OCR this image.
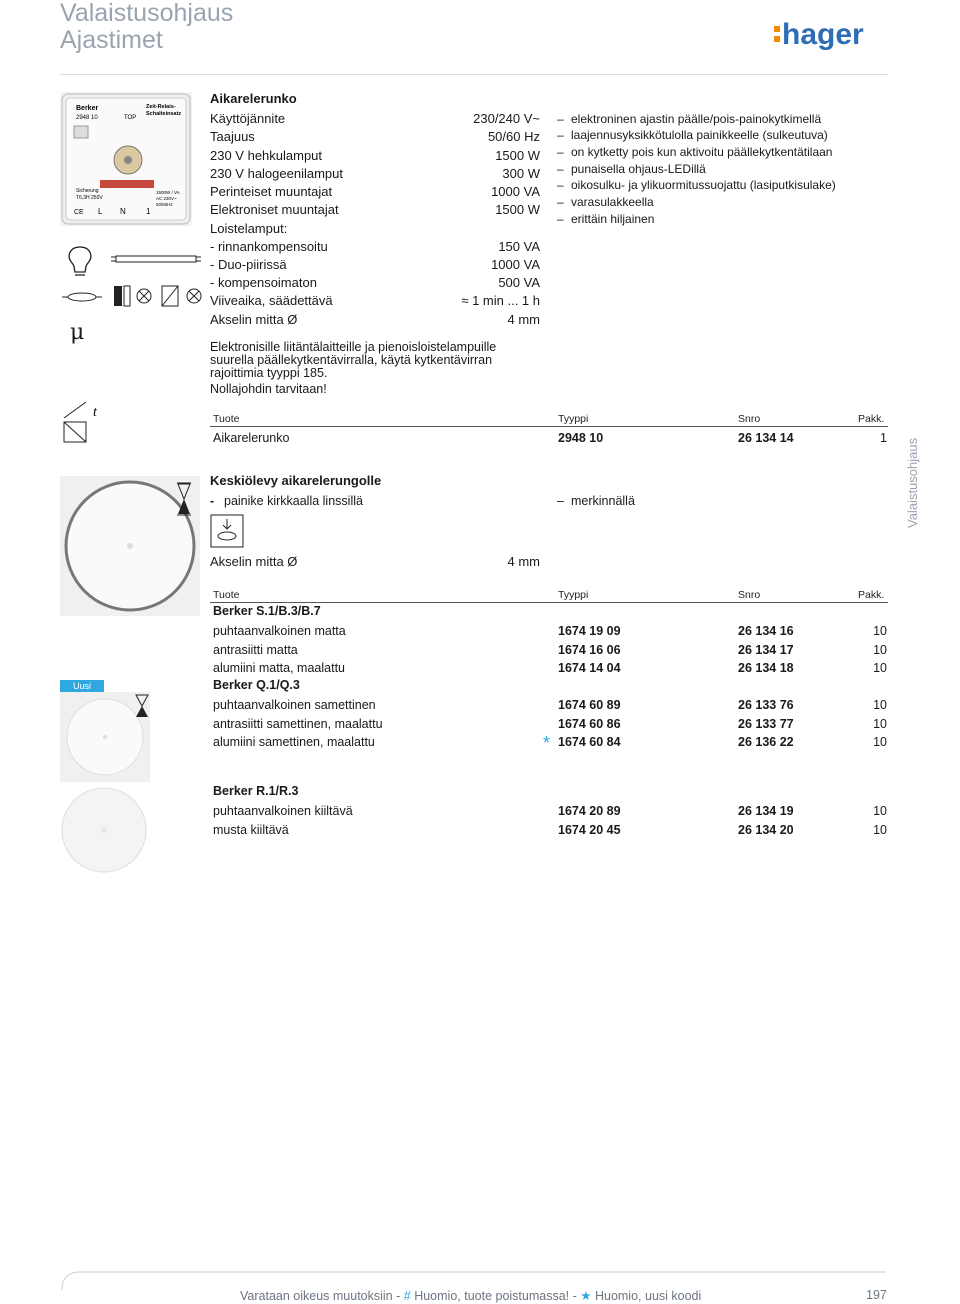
Valaistusohjaus
Ajastimet	hager
Valaistusohjaus
Berker
2948 10	TOP
Zeit-Relais-
Schalteinsatz
Sicherung
T6,3H 250V
1500W / VA
AC 230V~
50/60Hz
CE L N	1
μ
t
Aikarelerunko
Käyttöjännite	230/240 V~
Taajuus	50/60 Hz
230 V hehkulamput	1500 W
230 V halogeenilamput	300 W
Perinteiset muuntajat	1000 VA
Elektroniset muuntajat	1500 W
Loistelamput:
- rinnankompensoitu	150 VA
- Duo-piirissä	1000 VA
- kompensoimaton	500 VA
Viiveaika, säädettävä	≈ 1 min ... 1 h
Akselin mitta Ø	4 mm
– elektroninen ajastin päälle/pois-painokytkimellä
– laajennusyksikkötulolla painikkeelle (sulkeutuva)
– on kytketty pois kun aktivoitu päällekytkentätilaan
– punaisella ohjaus-LEDillä
– oikosulku- ja ylikuormitussuojattu (lasiputkisulake)
– varasulakkeella
– erittäin hiljainen
Elektronisille liitäntälaitteille ja pienoisloistelampuille suurella päällekytkentävirralla, käytä kytkentävirran rajoittimia tyyppi 185.
Nollajohdin tarvitaan!
Tuote	Tyyppi	Snro	Pakk.
Aikarelerunko	2948 10	26 134 14	1
Uusi
Keskiölevy aikarelerungolle
- painike kirkkaalla linssillä	– merkinnällä
Akselin mitta Ø	4 mm
Tuote	Tyyppi	Snro	Pakk.
Berker S.1/B.3/B.7
puhtaanvalkoinen matta	1674 19 09	26 134 16	10
antrasiitti matta	1674 16 06	26 134 17	10
alumiini matta, maalattu	1674 14 04	26 134 18	10
Berker Q.1/Q.3
puhtaanvalkoinen samettinen	1674 60 89	26 133 76	10
antrasiitti samettinen, maalattu	1674 60 86	26 133 77	10
alumiini samettinen, maalattu	1674 60 84	26 136 22	10
*
Berker R.1/R.3
puhtaanvalkoinen kiiltävä	1674 20 89	26 134 19	10
musta kiiltävä	1674 20 45	26 134 20	10
Varataan oikeus muutoksiin - # Huomio, tuote poistumassa! - ★ Huomio, uusi koodi	197
